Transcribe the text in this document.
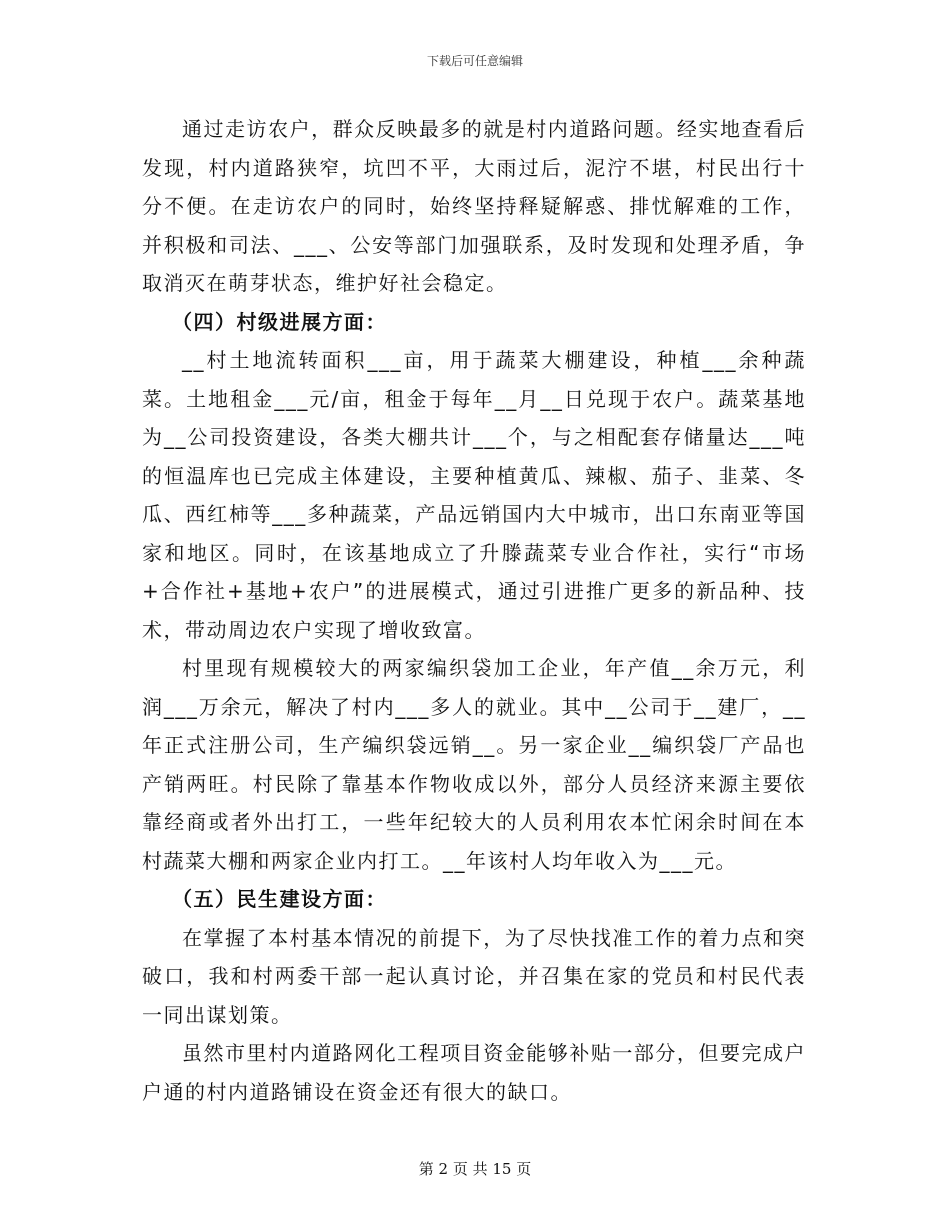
下载后可任意编辑

通过走访农户，群众反映最多的就是村内道路问题。经实地查看后发现，村内道路狭窄，坑凹不平，大雨过后，泥泞不堪，村民出行十分不便。在走访农户的同时，始终坚持释疑解惑、排忧解难的工作，并积极和司法、___、公安等部门加强联系，及时发现和处理矛盾，争取消灭在萌芽状态，维护好社会稳定。

（四）村级进展方面：

__村土地流转面积___亩，用于蔬菜大棚建设，种植___余种蔬菜。土地租金___元/亩，租金于每年__月__日兑现于农户。蔬菜基地为__公司投资建设，各类大棚共计___个，与之相配套存储量达___吨的恒温库也已完成主体建设，主要种植黄瓜、辣椒、茄子、韭菜、冬瓜、西红柿等___多种蔬菜，产品远销国内大中城市，出口东南亚等国家和地区。同时，在该基地成立了升滕蔬菜专业合作社，实行“市场+合作社+基地+农户”的进展模式，通过引进推广更多的新品种、技术，带动周边农户实现了增收致富。

村里现有规模较大的两家编织袋加工企业，年产值__余万元，利润___万余元，解决了村内___多人的就业。其中__公司于__建厂，__年正式注册公司，生产编织袋远销__。另一家企业__编织袋厂产品也产销两旺。村民除了靠基本作物收成以外，部分人员经济来源主要依靠经商或者外出打工，一些年纪较大的人员利用农本忙闲余时间在本村蔬菜大棚和两家企业内打工。__年该村人均年收入为___元。

（五）民生建设方面：

在掌握了本村基本情况的前提下，为了尽快找准工作的着力点和突破口，我和村两委干部一起认真讨论，并召集在家的党员和村民代表一同出谋划策。

虽然市里村内道路网化工程项目资金能够补贴一部分，但要完成户户通的村内道路铺设在资金还有很大的缺口。

第 2 页 共 15 页
